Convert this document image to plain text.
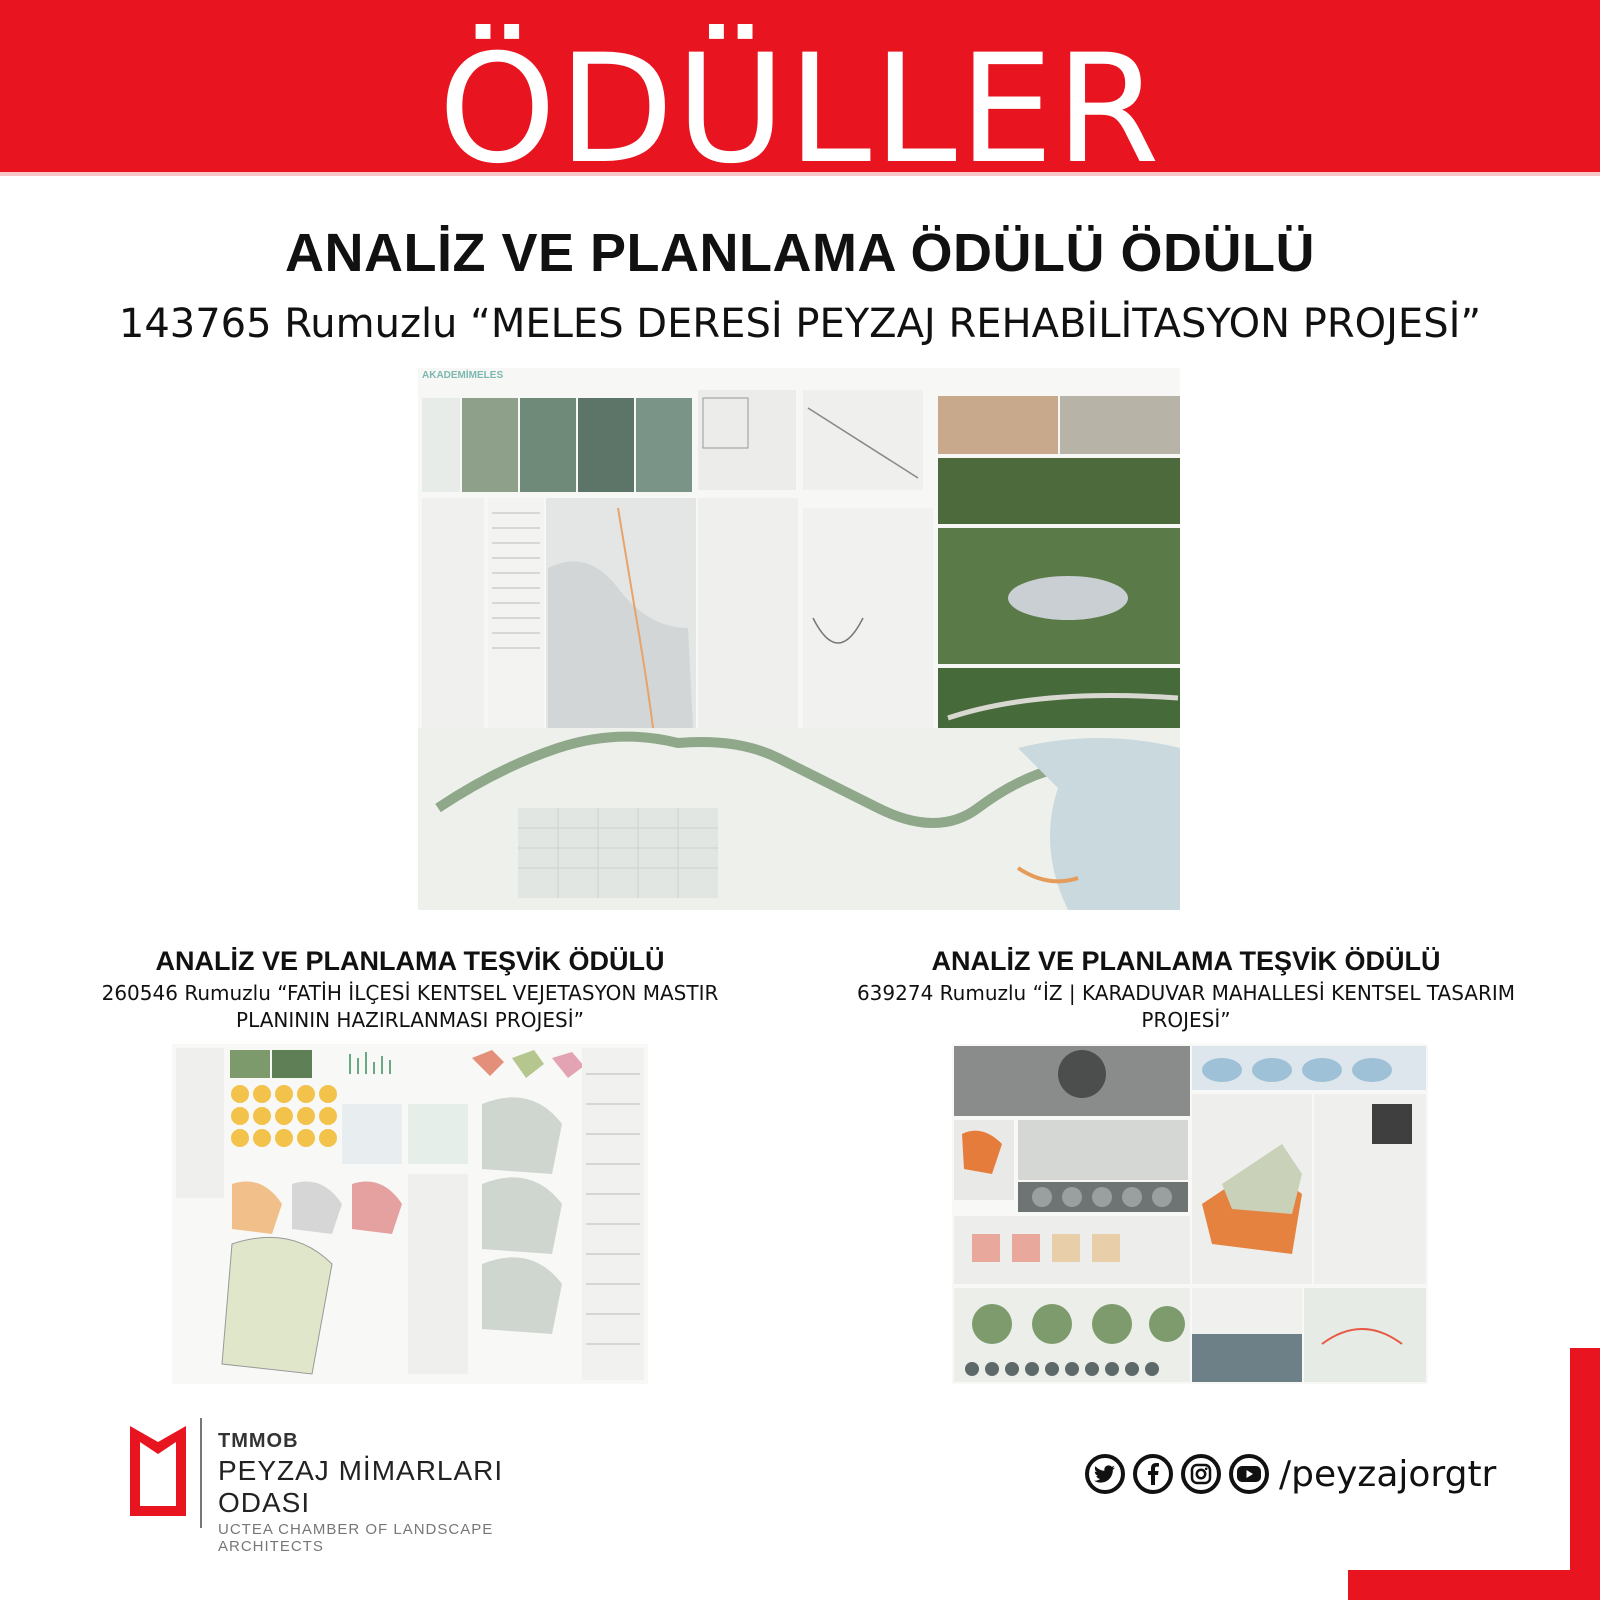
ÖDÜLLER
ANALİZ VE PLANLAMA ÖDÜLÜ ÖDÜLÜ
143765 Rumuzlu “MELES DERESİ PEYZAJ REHABİLİTASYON PROJESİ”
AKADEMİMELES
ANALİZ VE PLANLAMA TEŞVİK ÖDÜLÜ

260546 Rumuzlu “FATİH İLÇESİ KENTSEL VEJETASYON MASTIR PLANININ HAZIRLANMASI PROJESİ”

ANALİZ VE PLANLAMA TEŞVİK ÖDÜLÜ

639274 Rumuzlu “İZ | KARADUVAR MAHALLESİ KENTSEL TASARIM PROJESİ”

TMMOB
PEYZAJ MİMARLARI ODASI
UCTEA CHAMBER OF LANDSCAPE ARCHITECTS
/peyzajorgtr
